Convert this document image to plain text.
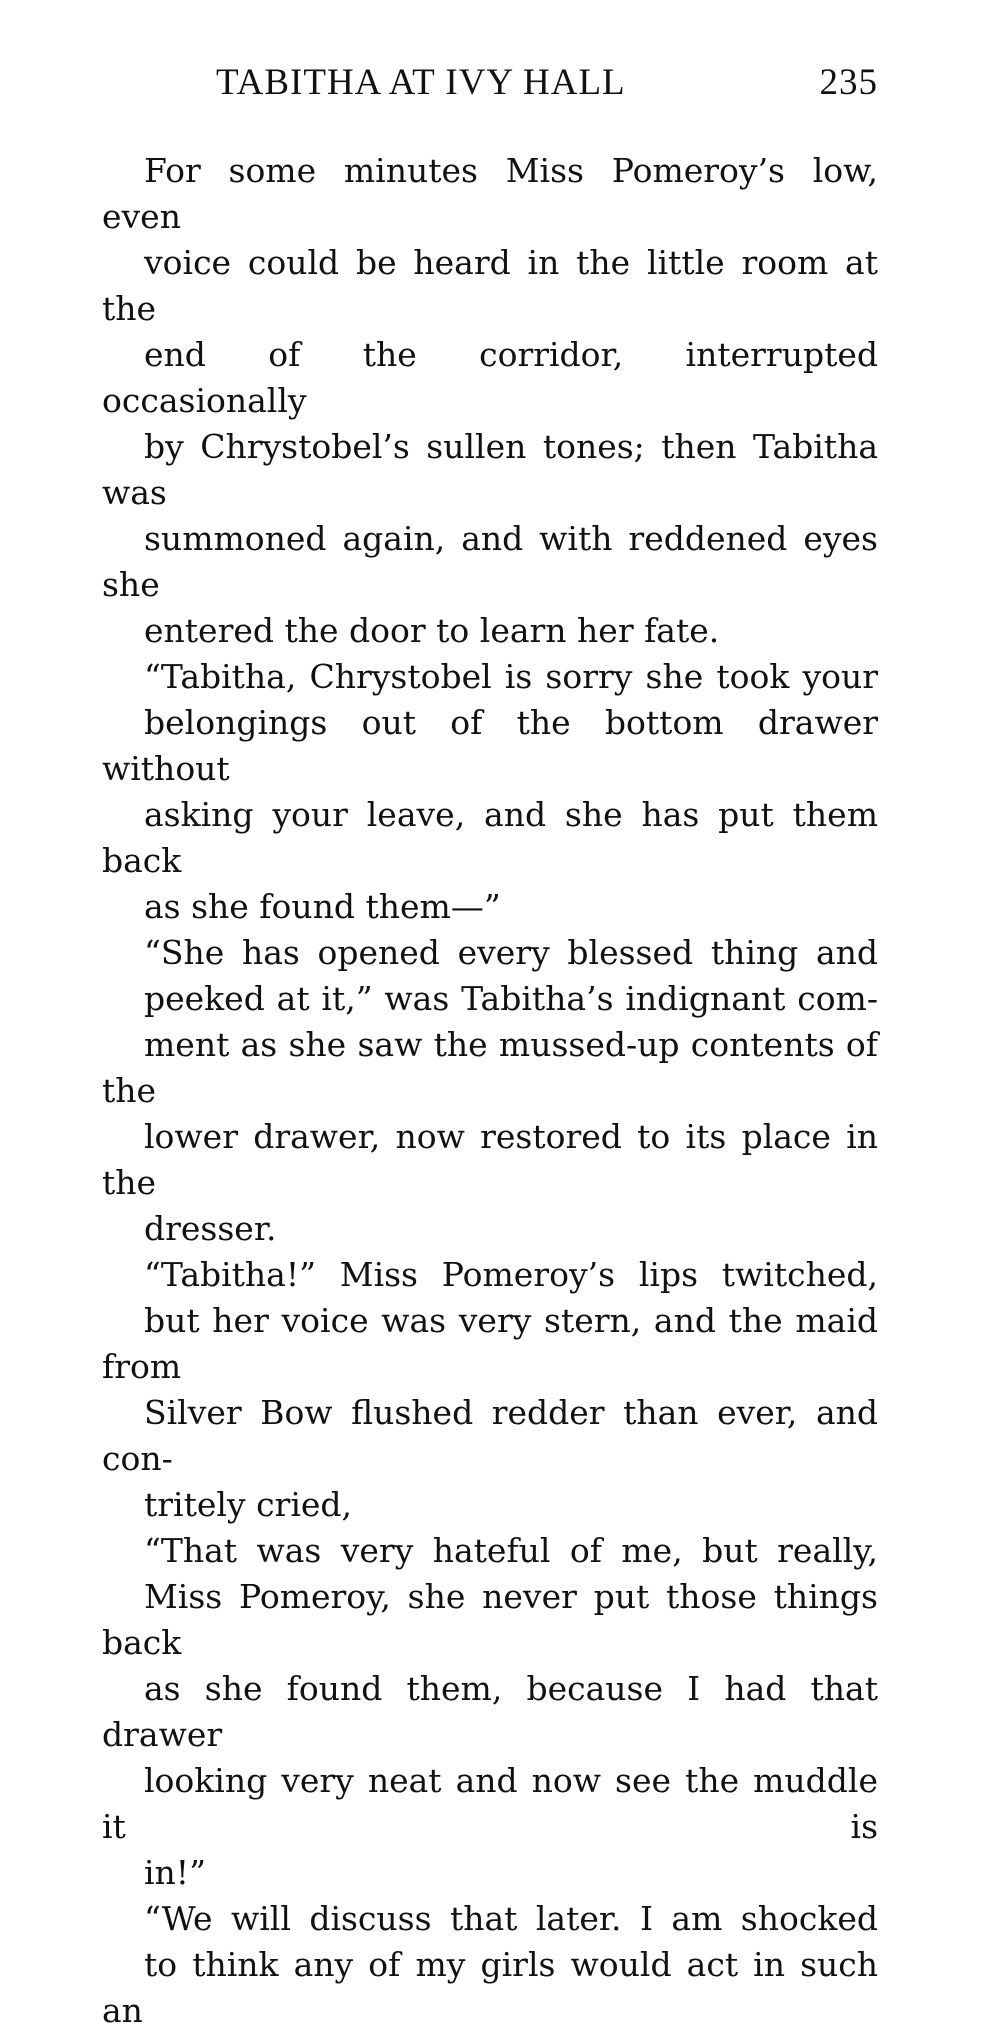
TABITHA AT IVY HALL	235

For some minutes Miss Pomeroy’s low, even
voice could be heard in the little room at the
end of the corridor, interrupted occasionally
by Chrystobel’s sullen tones; then Tabitha was
summoned again, and with reddened eyes she
entered the door to learn her fate.

“Tabitha, Chrystobel is sorry she took your
belongings out of the bottom drawer without
asking your leave, and she has put them back
as she found them—”

“She has opened every blessed thing and
peeked at it,” was Tabitha’s indignant com-
ment as she saw the mussed-up contents of the
lower drawer, now restored to its place in the
dresser.

“Tabitha!” Miss Pomeroy’s lips twitched,
but her voice was very stern, and the maid from
Silver Bow flushed redder than ever, and con-
tritely cried,

“That was very hateful of me, but really,
Miss Pomeroy, she never put those things back
as she found them, because I had that drawer
looking very neat and now see the muddle it is
in!”

“We will discuss that later. I am shocked
to think any of my girls would act in such an
